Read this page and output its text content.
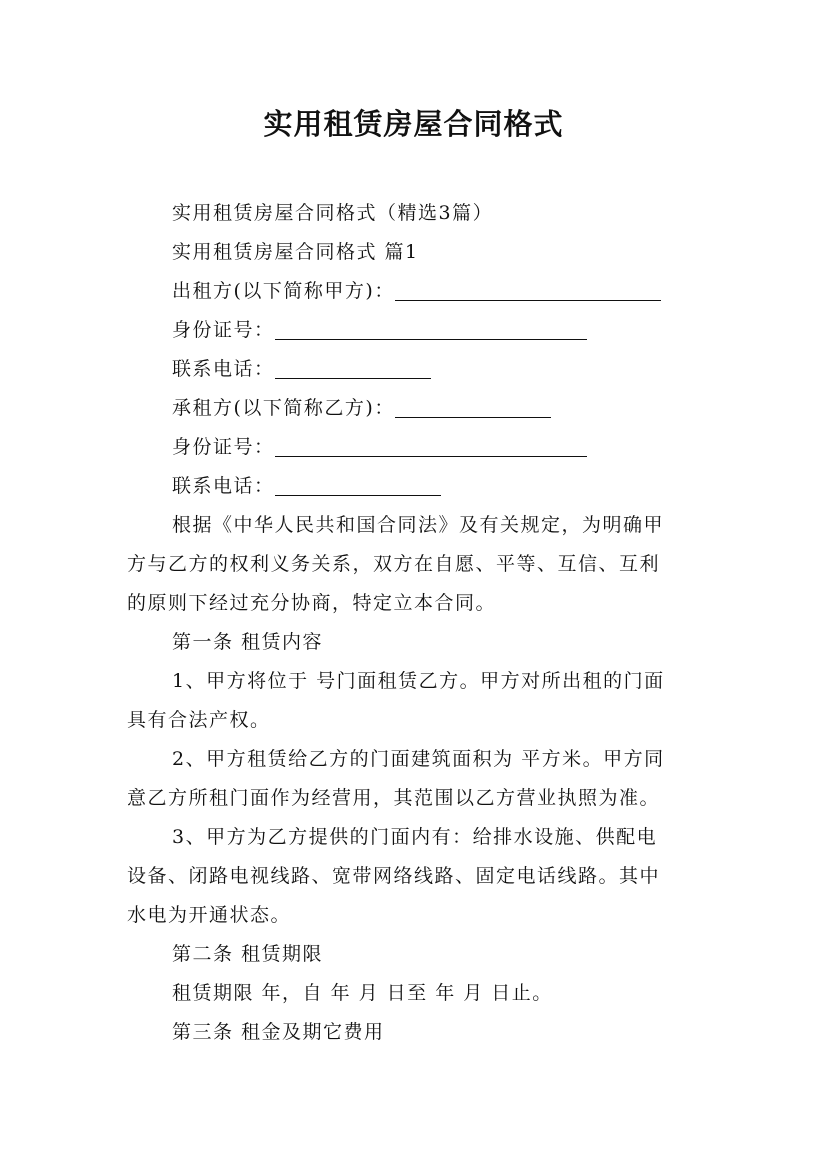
实用租赁房屋合同格式
实用租赁房屋合同格式（精选3篇）
实用租赁房屋合同格式 篇1
出租方(以下简称甲方)：
身份证号：
联系电话：
承租方(以下简称乙方)：
身份证号：
联系电话：
根据《中华人民共和国合同法》及有关规定，为明确甲
方与乙方的权利义务关系，双方在自愿、平等、互信、互利
的原则下经过充分协商，特定立本合同。
第一条 租赁内容
1、甲方将位于 号门面租赁乙方。甲方对所出租的门面
具有合法产权。
2、甲方租赁给乙方的门面建筑面积为 平方米。甲方同
意乙方所租门面作为经营用，其范围以乙方营业执照为准。
3、甲方为乙方提供的门面内有：给排水设施、供配电
设备、闭路电视线路、宽带网络线路、固定电话线路。其中
水电为开通状态。
第二条 租赁期限
租赁期限 年，自 年 月 日至 年 月 日止。
第三条 租金及期它费用
